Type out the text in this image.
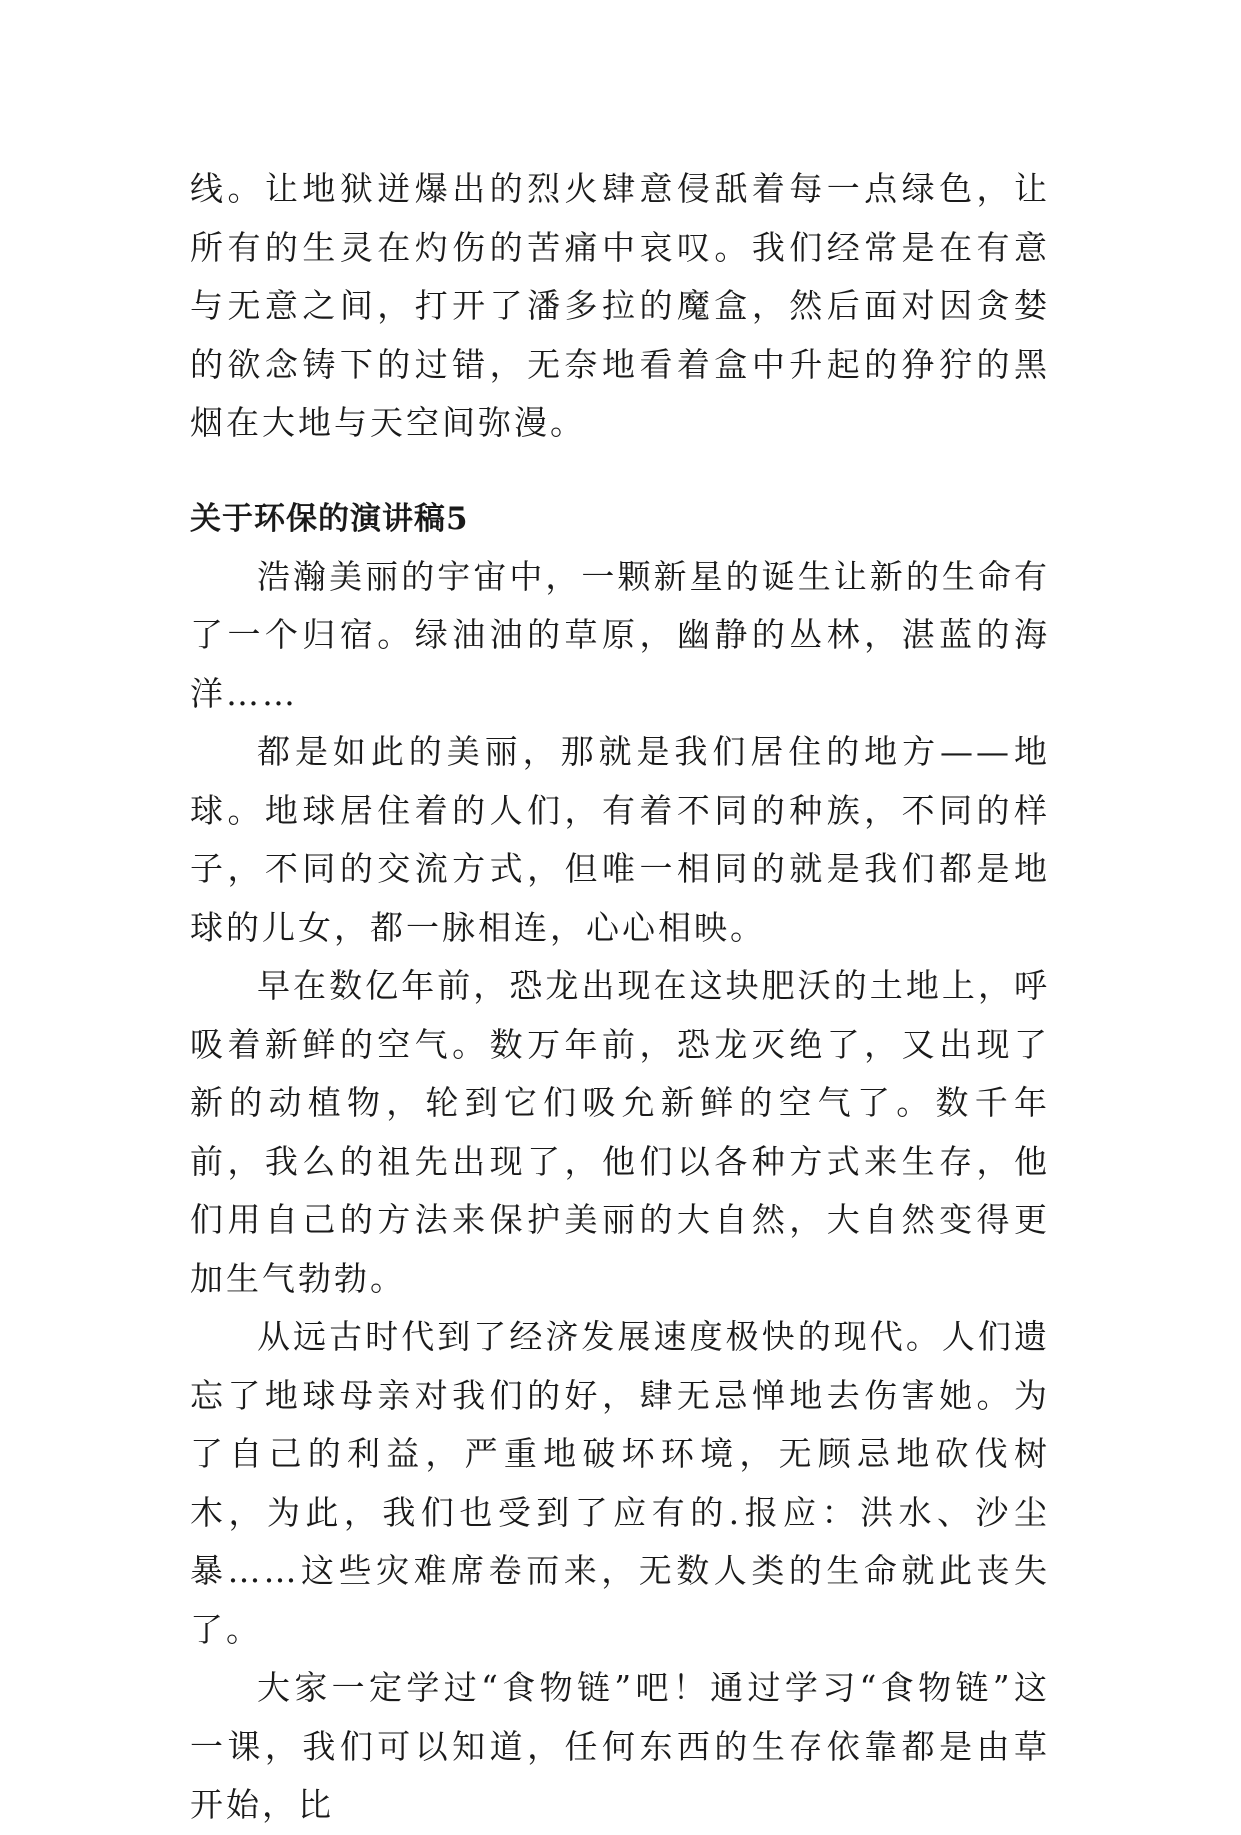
线。让地狱迸爆出的烈火肆意侵舐着每一点绿色，让所有的生灵在灼伤的苦痛中哀叹。我们经常是在有意与无意之间，打开了潘多拉的魔盒，然后面对因贪婪的欲念铸下的过错，无奈地看着盒中升起的狰狞的黑烟在大地与天空间弥漫。

关于环保的演讲稿5

浩瀚美丽的宇宙中，一颗新星的诞生让新的生命有了一个归宿。绿油油的草原，幽静的丛林，湛蓝的海洋……

都是如此的美丽，那就是我们居住的地方——地球。地球居住着的人们，有着不同的种族，不同的样子，不同的交流方式，但唯一相同的就是我们都是地球的儿女，都一脉相连，心心相映。

早在数亿年前，恐龙出现在这块肥沃的土地上，呼吸着新鲜的空气。数万年前，恐龙灭绝了，又出现了新的动植物，轮到它们吸允新鲜的空气了。数千年前，我么的祖先出现了，他们以各种方式来生存，他们用自己的方法来保护美丽的大自然，大自然变得更加生气勃勃。

从远古时代到了经济发展速度极快的现代。人们遗忘了地球母亲对我们的好，肆无忌惮地去伤害她。为了自己的利益，严重地破坏环境，无顾忌地砍伐树木，为此，我们也受到了应有的.报应：洪水、沙尘暴……这些灾难席卷而来，无数人类的生命就此丧失了。

大家一定学过“食物链”吧！通过学习“食物链”这一课，我们可以知道，任何东西的生存依靠都是由草开始，比
